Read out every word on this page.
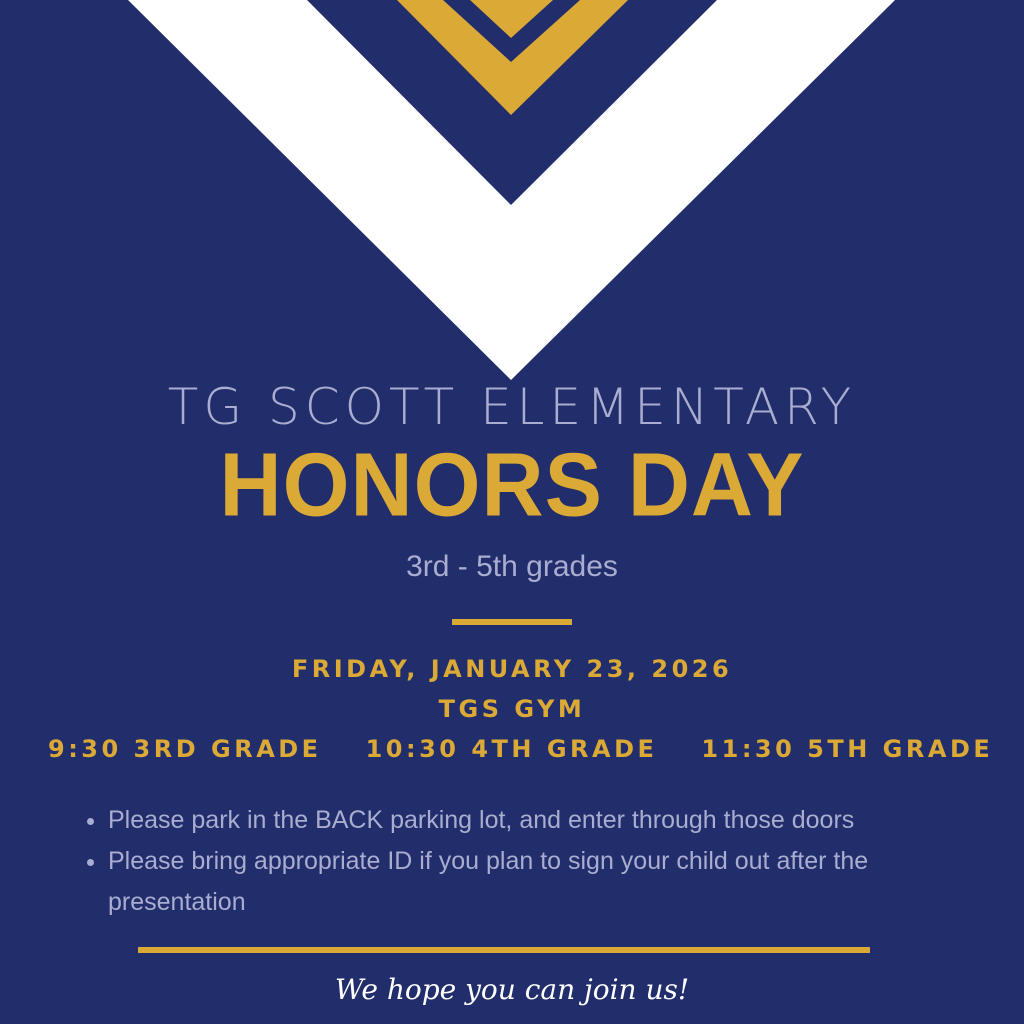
TG SCOTT ELEMENTARY
HONORS DAY
3rd - 5th grades
FRIDAY, JANUARY 23, 2026
TGS GYM
9:30 3RD GRADE 10:30 4TH GRADE 11:30 5TH GRADE
• Please park in the BACK parking lot, and enter through those doors
• Please bring appropriate ID if you plan to sign your child out after the presentation
We hope you can join us!
